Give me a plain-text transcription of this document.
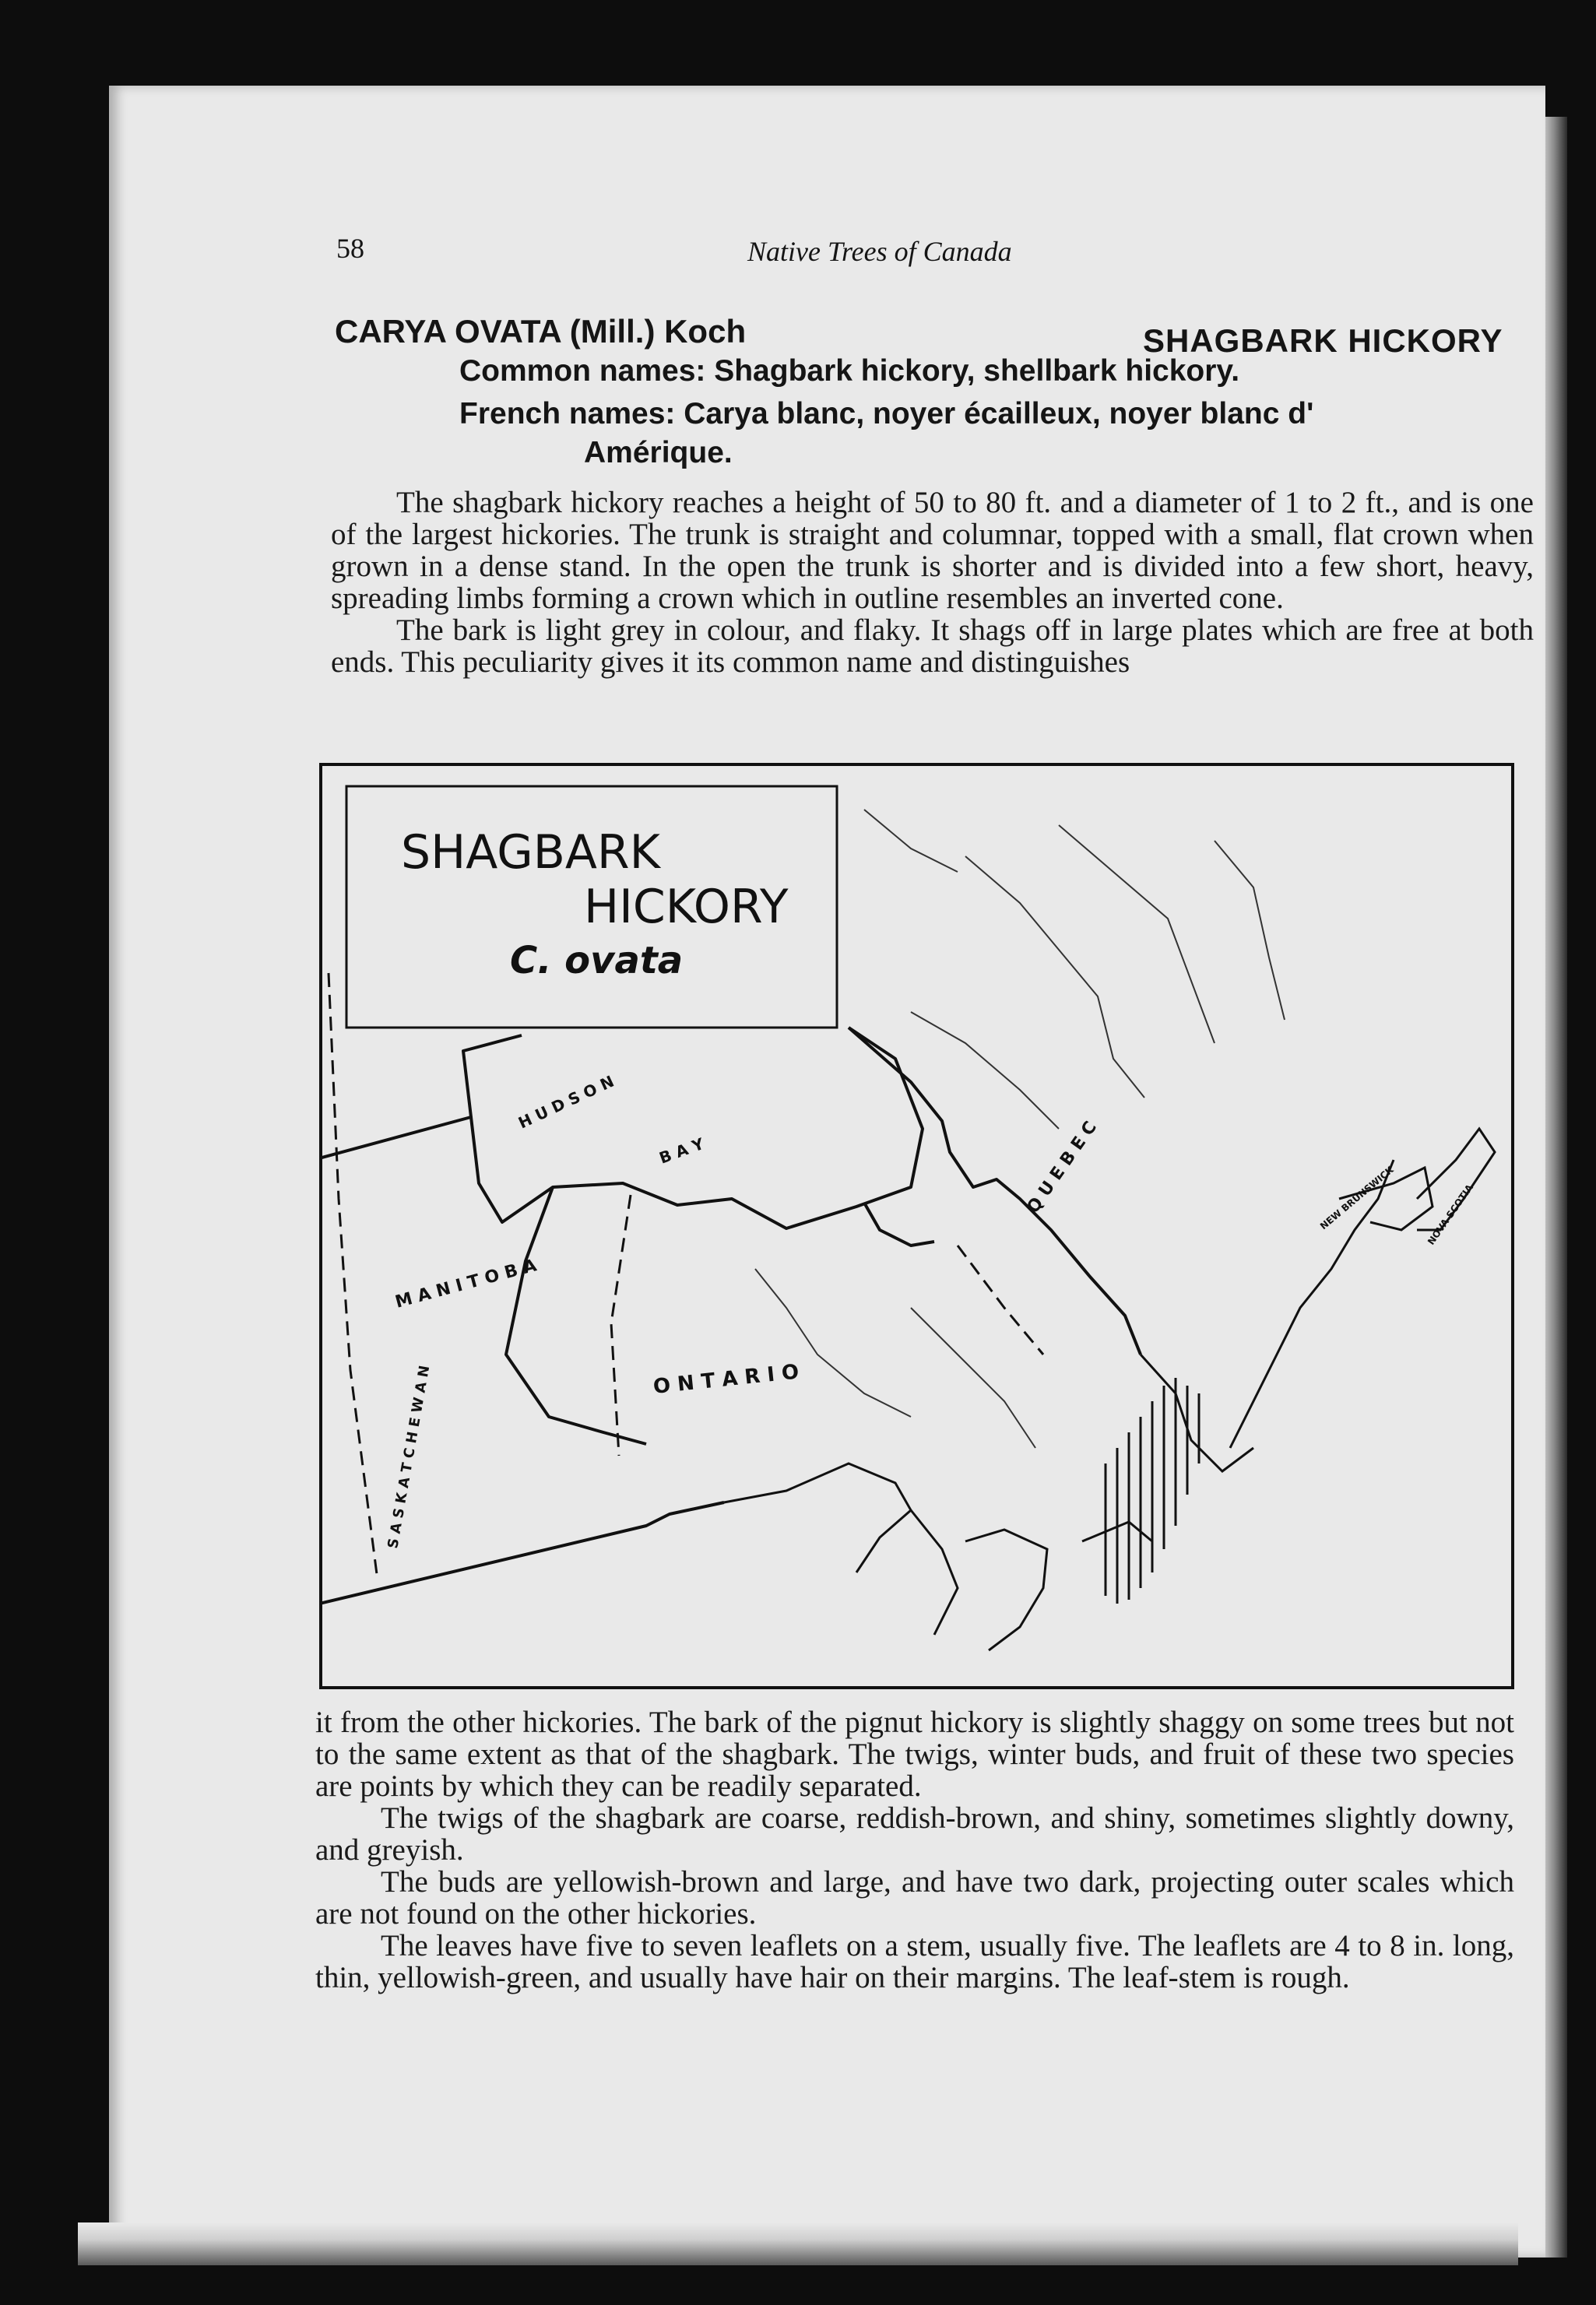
58	Native Trees of Canada
CARYA OVATA (Mill.) Koch	SHAGBARK HICKORY
Common names: Shagbark hickory, shellbark hickory.
French names: Carya blanc, noyer écailleux, noyer blanc d'
Amérique.

The shagbark hickory reaches a height of 50 to 80 ft. and a diameter of 1 to 2 ft., and is one of the largest hickories. The trunk is straight and columnar, topped with a small, flat crown when grown in a dense stand. In the open the trunk is shorter and is divided into a few short, heavy, spreading limbs forming a crown which in outline resembles an inverted cone.

The bark is light grey in colour, and flaky. It shags off in large plates which are free at both ends. This peculiarity gives it its common name and distinguishes

SHAGBARK
HICKORY
C. ovata
H U D S O N
B A Y	Q U E B E C
M A N I T O B A
O N T A R I O
S A S K A T C H E W A N
NEW BRUNSWICK	NOVA SCOTIA

it from the other hickories. The bark of the pignut hickory is slightly shaggy on some trees but not to the same extent as that of the shagbark. The twigs, winter buds, and fruit of these two species are points by which they can be readily separated.

The twigs of the shagbark are coarse, reddish-brown, and shiny, sometimes slightly downy, and greyish.

The buds are yellowish-brown and large, and have two dark, projecting outer scales which are not found on the other hickories.

The leaves have five to seven leaflets on a stem, usually five. The leaflets are 4 to 8 in. long, thin, yellowish-green, and usually have hair on their margins. The leaf-stem is rough.
